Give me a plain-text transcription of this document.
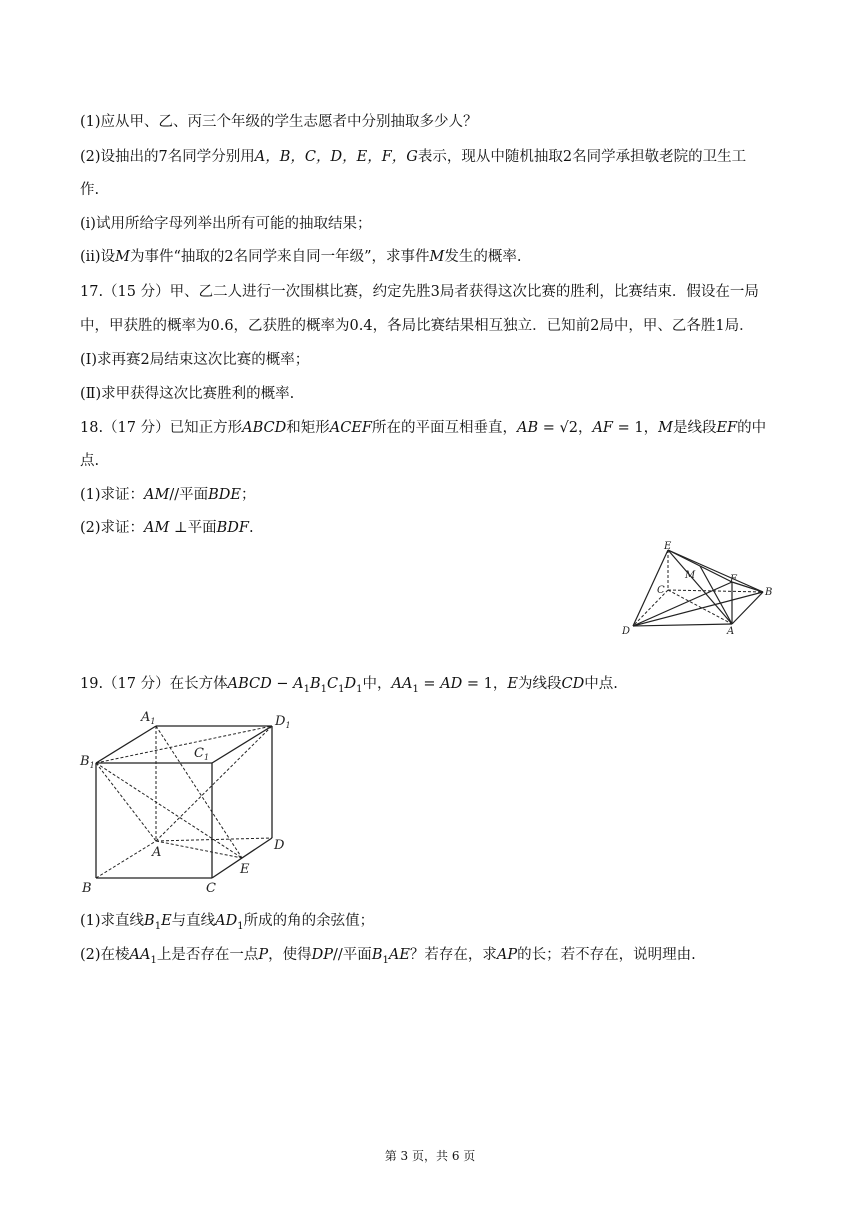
(1)应从甲、乙、丙三个年级的学生志愿者中分别抽取多少人？
(2)设抽出的7名同学分别用A，B，C，D，E，F，G表示，现从中随机抽取2名同学承担敬老院的卫生工
作.
(i)试用所给字母列举出所有可能的抽取结果；
(ii)设M为事件“抽取的2名同学来自同一年级”，求事件M发生的概率.
17.（15 分）甲、乙二人进行一次围棋比赛，约定先胜3局者获得这次比赛的胜利，比赛结束．假设在一局
中，甲获胜的概率为0.6，乙获胜的概率为0.4，各局比赛结果相互独立．已知前2局中，甲、乙各胜1局．
(Ⅰ)求再赛2局结束这次比赛的概率；
(Ⅱ)求甲获得这次比赛胜利的概率.
18.（17 分）已知正方形ABCD和矩形ACEF所在的平面互相垂直，AB = √2，AF = 1，M是线段EF的中
点.
(1)求证：AM//平面BDE；
(2)求证：AM ⊥平面BDF.
E
M	F
C	B
D	A
19.（17 分）在长方体ABCD − $A_1B_1C_1D_1$中，$AA_1$ = AD = 1，E为线段CD中点.
$A_1$	$D_1$
$C_1$
$B_1$
A	D
B	C
E
(1)求直线$B_1E$与直线$AD_1$所成的角的余弦值；
(2)在棱$AA_1$上是否存在一点P，使得DP//平面$B_1AE$？若存在，求AP的长；若不存在，说明理由.
第 3 页，共 6 页
